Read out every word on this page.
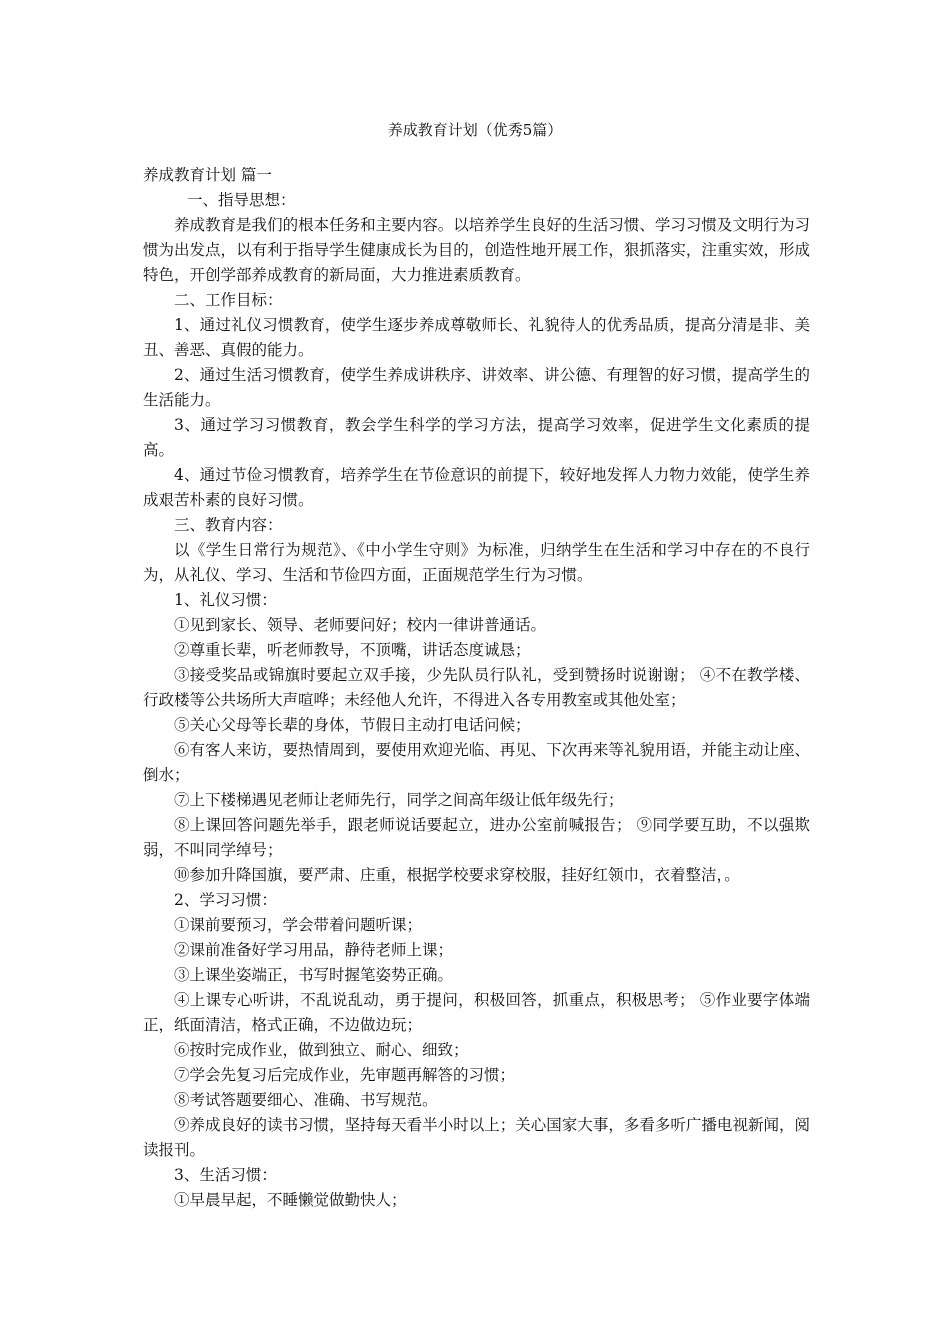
养成教育计划（优秀5篇）

养成教育计划 篇一

一、指导思想：

养成教育是我们的根本任务和主要内容。以培养学生良好的生活习惯、学习习惯及文明行为习惯为出发点，以有利于指导学生健康成长为目的，创造性地开展工作，狠抓落实，注重实效，形成特色，开创学部养成教育的新局面，大力推进素质教育。

二、工作目标：

1、通过礼仪习惯教育，使学生逐步养成尊敬师长、礼貌待人的优秀品质，提高分清是非、美丑、善恶、真假的能力。

2、通过生活习惯教育，使学生养成讲秩序、讲效率、讲公德、有理智的好习惯，提高学生的生活能力。

3、通过学习习惯教育，教会学生科学的学习方法，提高学习效率，促进学生文化素质的提高。

4、通过节俭习惯教育，培养学生在节俭意识的前提下，较好地发挥人力物力效能，使学生养成艰苦朴素的良好习惯。

三、教育内容：

以《学生日常行为规范》、《中小学生守则》为标准，归纳学生在生活和学习中存在的不良行为，从礼仪、学习、生活和节俭四方面，正面规范学生行为习惯。

1、礼仪习惯：

①见到家长、领导、老师要问好；校内一律讲普通话。

②尊重长辈，听老师教导，不顶嘴，讲话态度诚恳；

③接受奖品或锦旗时要起立双手接，少先队员行队礼，受到赞扬时说谢谢； ④不在教学楼、行政楼等公共场所大声喧哗；未经他人允许，不得进入各专用教室或其他处室；

⑤关心父母等长辈的身体，节假日主动打电话问候；

⑥有客人来访，要热情周到，要使用欢迎光临、再见、下次再来等礼貌用语，并能主动让座、倒水；

⑦上下楼梯遇见老师让老师先行，同学之间高年级让低年级先行；

⑧上课回答问题先举手，跟老师说话要起立，进办公室前喊报告； ⑨同学要互助，不以强欺弱，不叫同学绰号；

⑩参加升降国旗，要严肃、庄重，根据学校要求穿校服，挂好红领巾，衣着整洁，。

2、学习习惯：

①课前要预习，学会带着问题听课；

②课前准备好学习用品，静待老师上课；

③上课坐姿端正，书写时握笔姿势正确。

④上课专心听讲，不乱说乱动，勇于提问，积极回答，抓重点，积极思考； ⑤作业要字体端正，纸面清洁，格式正确，不边做边玩；

⑥按时完成作业，做到独立、耐心、细致；

⑦学会先复习后完成作业，先审题再解答的习惯；

⑧考试答题要细心、准确、书写规范。

⑨养成良好的读书习惯，坚持每天看半小时以上；关心国家大事，多看多听广播电视新闻，阅读报刊。

3、生活习惯：

①早晨早起，不睡懒觉做勤快人；
